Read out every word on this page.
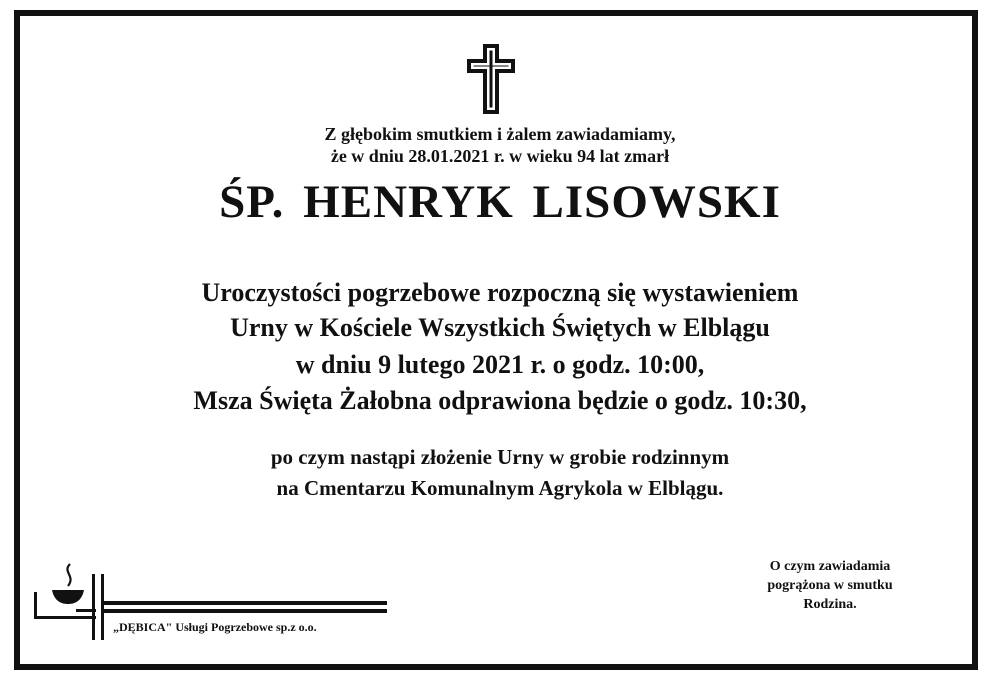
Z głębokim smutkiem i żalem zawiadamiamy,
że w dniu 28.01.2021 r. w wieku 94 lat zmarł
ŚP. HENRYK LISOWSKI
Uroczystości pogrzebowe rozpoczną się wystawieniem
Urny w Kościele Wszystkich Świętych w Elblągu
w dniu 9 lutego 2021 r. o godz. 10:00,
Msza Święta Żałobna odprawiona będzie o godz. 10:30,
po czym nastąpi złożenie Urny w grobie rodzinnym
na Cmentarzu Komunalnym Agrykola w Elblągu.
O czym zawiadamia
pogrążona w smutku
Rodzina.
„DĘBICA" Usługi Pogrzebowe sp.z o.o.
